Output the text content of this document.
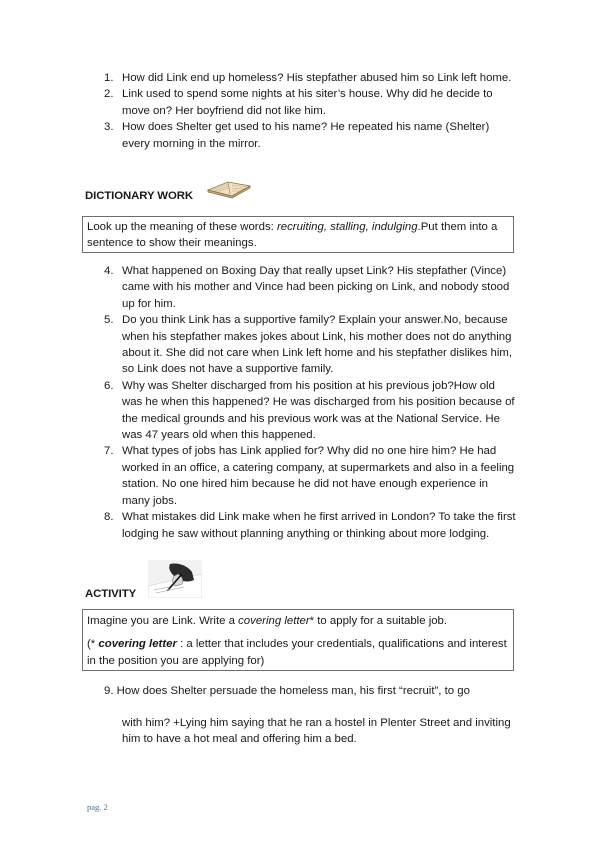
1. How did Link end up homeless? His stepfather abused him so Link left home.
2. Link used to spend some nights at his siter’s house. Why did he decide to move on? Her boyfriend did not like him.
3. How does Shelter get used to his name? He repeated his name (Shelter) every morning in the mirror.
DICTIONARY WORK

Look up the meaning of these words: recruiting, stalling, indulging.Put them into a sentence to show their meanings.

4. What happened on Boxing Day that really upset Link? His stepfather (Vince) came with his mother and Vince had been picking on Link, and nobody stood up for him.
5. Do you think Link has a supportive family? Explain your answer.No, because when his stepfather makes jokes about Link, his mother does not do anything about it. She did not care when Link left home and his stepfather dislikes him, so Link does not have a supportive family.
6. Why was Shelter discharged from his position at his previous job?How old was he when this happened? He was discharged from his position because of the medical grounds and his previous work was at the National Service. He was 47 years old when this happened.
7. What types of jobs has Link applied for? Why did no one hire him? He had worked in an office, a catering company, at supermarkets and also in a feeling station. No one hired him because he did not have enough experience in many jobs.
8. What mistakes did Link make when he first arrived in London? To take the first lodging he saw without planning anything or thinking about more lodging.
ACTIVITY

Imagine you are Link. Write a covering letter* to apply for a suitable job.

(* covering letter : a letter that includes your credentials, qualifications and interest in the position you are applying for)

9. How does Shelter persuade the homeless man, his first “recruit”, to go
with him? +Lying him saying that he ran a hostel in Plenter Street and inviting him to have a hot meal and offering him a bed.
pag. 2
